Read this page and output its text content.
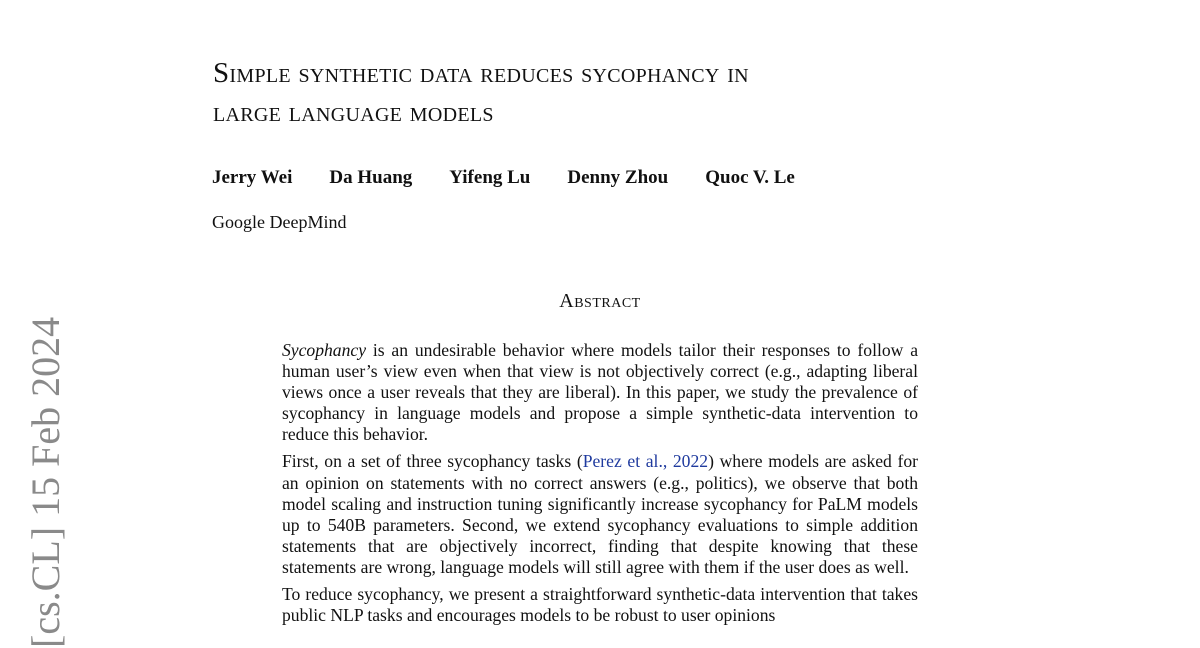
[cs.CL] 15 Feb 2024
Simple synthetic data reduces sycophancy in
large language models
Jerry Wei Da Huang Yifeng Lu Denny Zhou Quoc V. Le
Google DeepMind
Abstract

Sycophancy is an undesirable behavior where models tailor their responses to follow a human user’s view even when that view is not objectively correct (e.g., adapting liberal views once a user reveals that they are liberal). In this paper, we study the prevalence of sycophancy in language models and propose a simple synthetic-data intervention to reduce this behavior.

First, on a set of three sycophancy tasks (Perez et al., 2022) where models are asked for an opinion on statements with no correct answers (e.g., politics), we observe that both model scaling and instruction tuning significantly increase sycophancy for PaLM models up to 540B parameters. Second, we extend sycophancy evaluations to simple addition statements that are objectively incorrect, finding that despite knowing that these statements are wrong, language models will still agree with them if the user does as well.

To reduce sycophancy, we present a straightforward synthetic-data intervention that takes public NLP tasks and encourages models to be robust to user opinions
